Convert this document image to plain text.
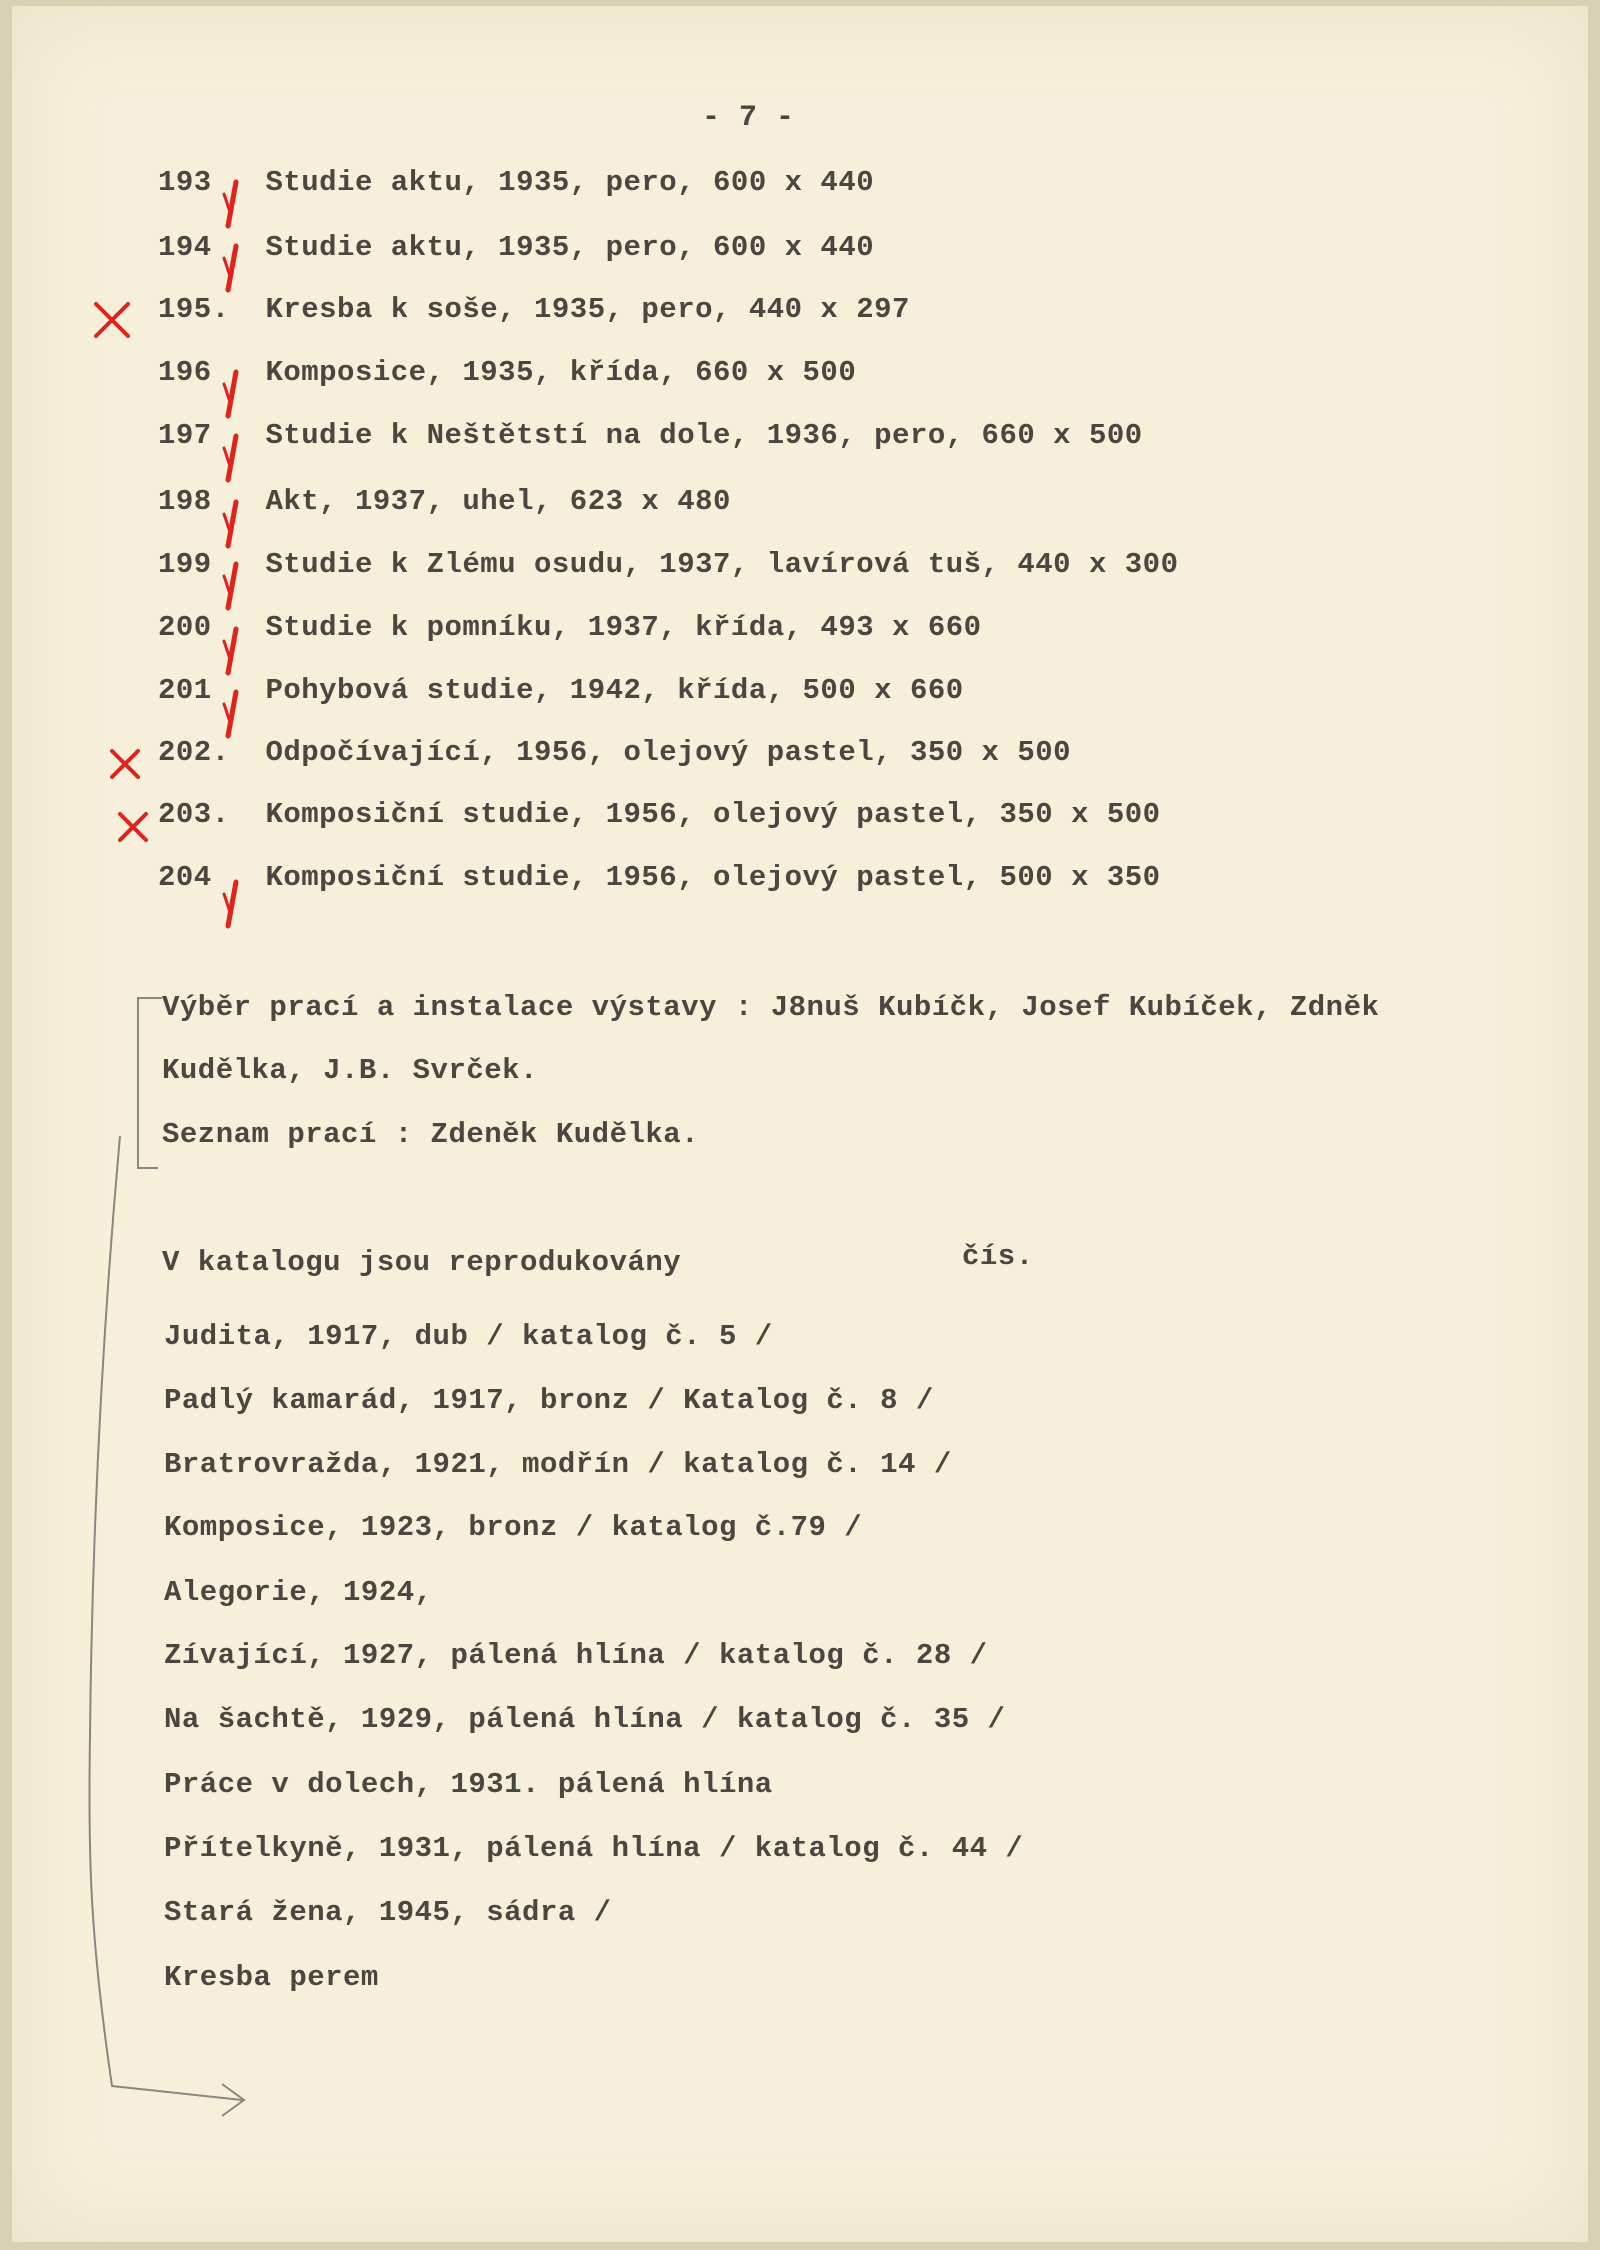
- 7 -
193 Studie aktu, 1935, pero, 600 x 440
194 Studie aktu, 1935, pero, 600 x 440
195.  Kresba k soše, 1935, pero, 440 x 297
196 Komposice, 1935, křída, 660 x 500
197 Studie k Neštětstí na dole, 1936, pero, 660 x 500
198 Akt, 1937, uhel, 623 x 480
199 Studie k Zlému osudu, 1937, lavírová tuš, 440 x 300
200 Studie k pomníku, 1937, křída, 493 x 660
201 Pohybová studie, 1942, křída, 500 x 660
202.  Odpočívající, 1956, olejový pastel, 350 x 500
203.  Komposiční studie, 1956, olejový pastel, 350 x 500
204 Komposiční studie, 1956, olejový pastel, 500 x 350
Výběr prací a instalace výstavy : J8nuš Kubíčk, Josef Kubíček, Zdněk
Kudělka, J.B. Svrček.
Seznam prací : Zdeněk Kudělka.
V katalogu jsou reprodukovány	čís.
Judita, 1917, dub / katalog č. 5 /
Padlý kamarád, 1917, bronz / Katalog č. 8 /
Bratrovražda, 1921, modřín / katalog č. 14 /
Komposice, 1923, bronz / katalog č.79 /
Alegorie, 1924,
Zívající, 1927, pálená hlína / katalog č. 28 /
Na šachtě, 1929, pálená hlína / katalog č. 35 /
Práce v dolech, 1931. pálená hlína
Přítelkyně, 1931, pálená hlína / katalog č. 44 /
Stará žena, 1945, sádra /
Kresba perem
